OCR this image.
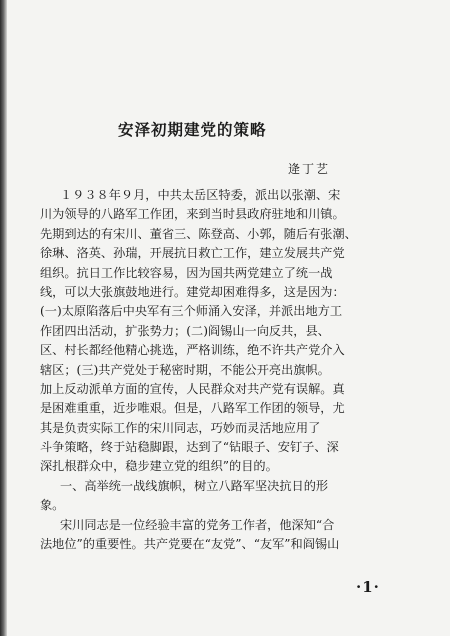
安泽初期建党的策略
逄丁艺
１９３８年９月，中共太岳区特委，派出以张潮、宋
川为领导的八路军工作团，来到当时县政府驻地和川镇。
先期到达的有宋川、董省三、陈登高、小郭，随后有张潮、
徐琳、洛英、孙瑞，开展抗日救亡工作，建立发展共产党
组织。抗日工作比较容易，因为国共两党建立了统一战
线，可以大张旗鼓地进行。建党却困难得多，这是因为：
(一)太原陷落后中央军有三个师涌入安泽，并派出地方工
作团四出活动，扩张势力；(二)阎锡山一向反共，县、
区、村长都经他精心挑选，严格训练，绝不许共产党介入
辖区；(三)共产党处于秘密时期，不能公开亮出旗帜。
加上反动派单方面的宣传，人民群众对共产党有误解。真
是困难重重，近步唯艰。但是，八路军工作团的领导，尤
其是负责实际工作的宋川同志，巧妙而灵活地应用了
斗争策略，终于站稳脚跟，达到了“钻眼子、安钉子、深
深扎根群众中，稳步建立党的组织”的目的。
一、高举统一战线旗帜，树立八路军坚决抗日的形
象。
宋川同志是一位经验丰富的党务工作者，他深知“合
法地位”的重要性。共产党要在“友党”、“友军”和阎锡山
·1·
